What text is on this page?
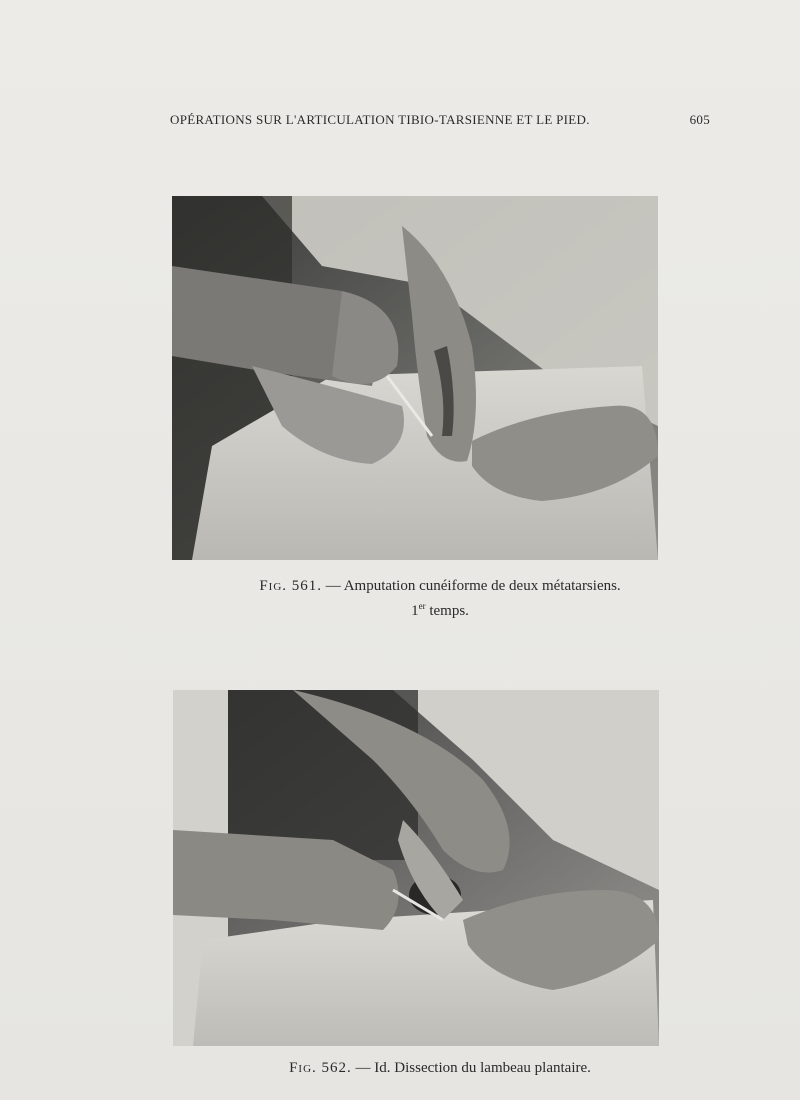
OPÉRATIONS SUR L'ARTICULATION TIBIO-TARSIENNE ET LE PIED.	605
Fig. 561. — Amputation cunéiforme de deux métatarsiens.
1er temps.
Fig. 562. — Id. Dissection du lambeau plantaire.
